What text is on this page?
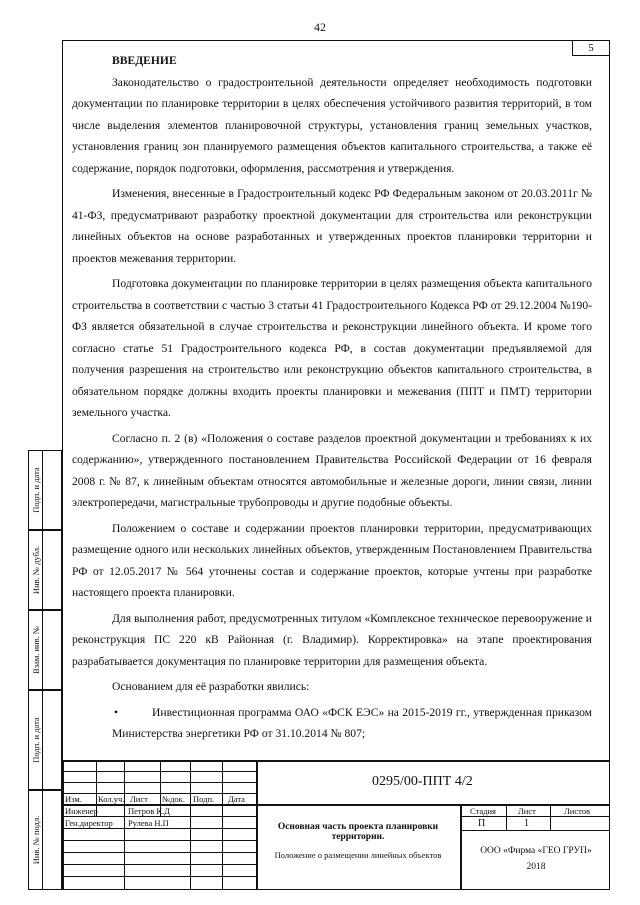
42
5
ВВЕДЕНИЕ

Законодательство о градостроительной деятельности определяет необходимость подготовки документации по планировке территории в целях обеспечения устойчивого развития территорий, в том числе выделения элементов планировочной структуры, установления границ земельных участков, установления границ зон планируемого размещения объектов капитального строительства, а также её содержание, порядок подготовки, оформления, рассмотрения и утверждения.

Изменения, внесенные в Градостроительный кодекс РФ Федеральным законом от 20.03.2011г № 41-ФЗ, предусматривают разработку проектной документации для строительства или реконструкции линейных объектов на основе разработанных и утвержденных проектов планировки территории и проектов межевания территории.

Подготовка документации по планировке территории в целях размещения объекта капитального строительства в соответствии с частью 3 статьи 41 Градостроительного Кодекса РФ от 29.12.2004 №190-ФЗ является обязательной в случае строительства и реконструкции линейного объекта. И кроме того согласно статье 51 Градостроительного кодекса РФ, в состав документации предъявляемой для получения разрешения на строительство или реконструкцию объектов капитального строительства, в обязательном порядке должны входить проекты планировки и межевания (ППТ и ПМТ) территории земельного участка.

Согласно п. 2 (в) «Положения о составе разделов проектной документации и требованиях к их содержанию», утвержденного постановлением Правительства Российской Федерации от 16 февраля 2008 г. № 87, к линейным объектам относятся автомобильные и железные дороги, линии связи, линии электропередачи, магистральные трубопроводы и другие подобные объекты.

Положением о составе и содержании проектов планировки территории, предусматривающих размещение одного или нескольких линейных объектов, утвержденным Постановлением Правительства РФ от 12.05.2017 № 564 уточнены состав и содержание проектов, которые учтены при разработке настоящего проекта планировки.

Для выполнения работ, предусмотренных титулом «Комплексное техническое перевооружение и реконструкция ПС 220 кВ Районная (г. Владимир). Корректировка» на этапе проектирования разрабатывается документация по планировке территории для размещения объекта.

Основанием для её разработки явились:

•	Инвестиционная программа ОАО «ФСК ЕЭС» на 2015-2019 гг., утвержденная приказом Министерства энергетики РФ от 31.10.2014 № 807;

Подп. и дата
Инв. № дубл.
Взам. инв. №
Подп. и дата
Инв. № подл.
Изм. Кол.уч. Лист №док. Подп. Дата
Инженер	Петров К.Д
Ген.директор Рулева Н.П
0295/00-ППТ 4/2
Основная часть проекта планировки территории.
Положение о размещении линейных объектов
Стадия	Лист	Листов
П	1
ООО «Фирма «ГЕО ГРУП»
2018
